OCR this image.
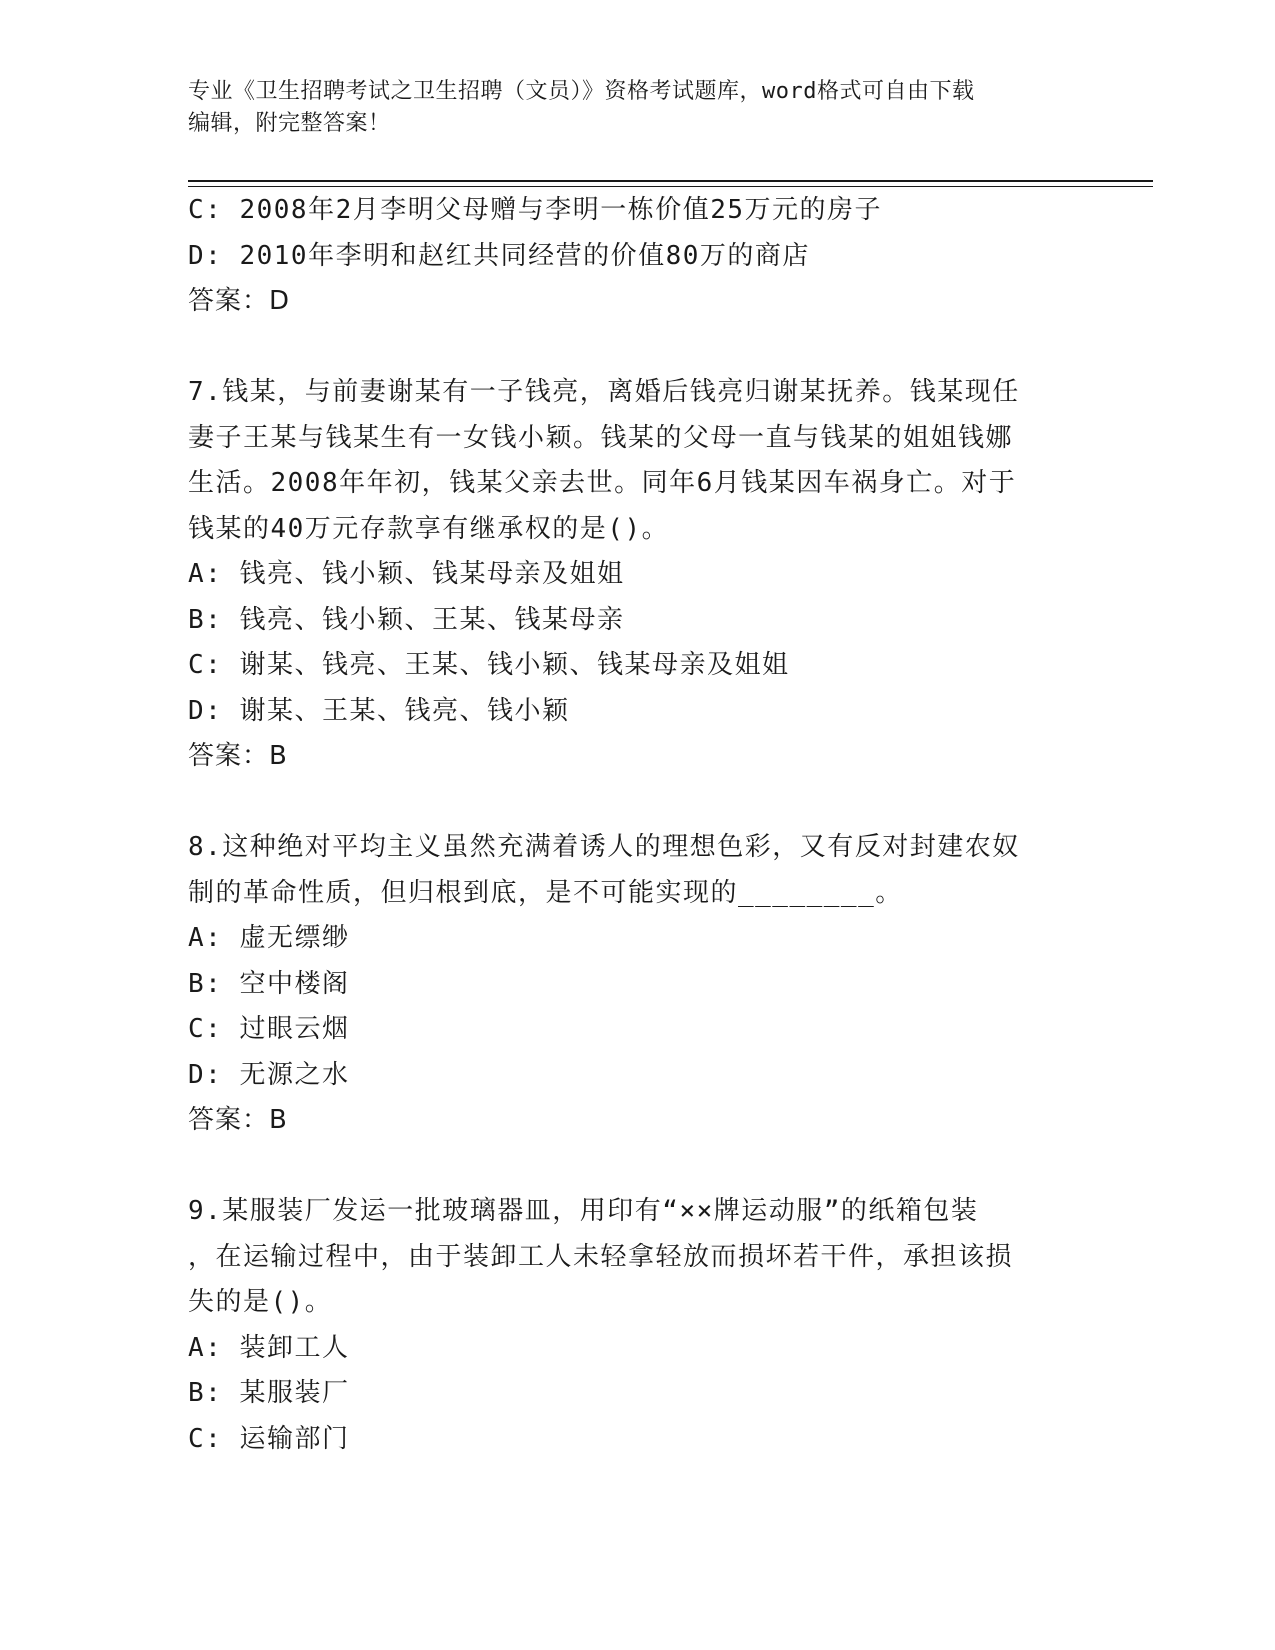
专业《卫生招聘考试之卫生招聘（文员）》资格考试题库，word格式可自由下载
编辑，附完整答案！
C: 2008年2月李明父母赠与李明一栋价值25万元的房子
D: 2010年李明和赵红共同经营的价值80万的商店
答案：D
7.钱某，与前妻谢某有一子钱亮，离婚后钱亮归谢某抚养。钱某现任
妻子王某与钱某生有一女钱小颖。钱某的父母一直与钱某的姐姐钱娜
生活。2008年年初，钱某父亲去世。同年6月钱某因车祸身亡。对于
钱某的40万元存款享有继承权的是()。
A: 钱亮、钱小颖、钱某母亲及姐姐
B: 钱亮、钱小颖、王某、钱某母亲
C: 谢某、钱亮、王某、钱小颖、钱某母亲及姐姐
D: 谢某、王某、钱亮、钱小颖
答案：B
8.这种绝对平均主义虽然充满着诱人的理想色彩，又有反对封建农奴
制的革命性质，但归根到底，是不可能实现的________。
A: 虚无缥缈
B: 空中楼阁
C: 过眼云烟
D: 无源之水
答案：B
9.某服装厂发运一批玻璃器皿，用印有“××牌运动服”的纸箱包装
，在运输过程中，由于装卸工人未轻拿轻放而损坏若干件，承担该损
失的是()。
A: 装卸工人
B: 某服装厂
C: 运输部门
